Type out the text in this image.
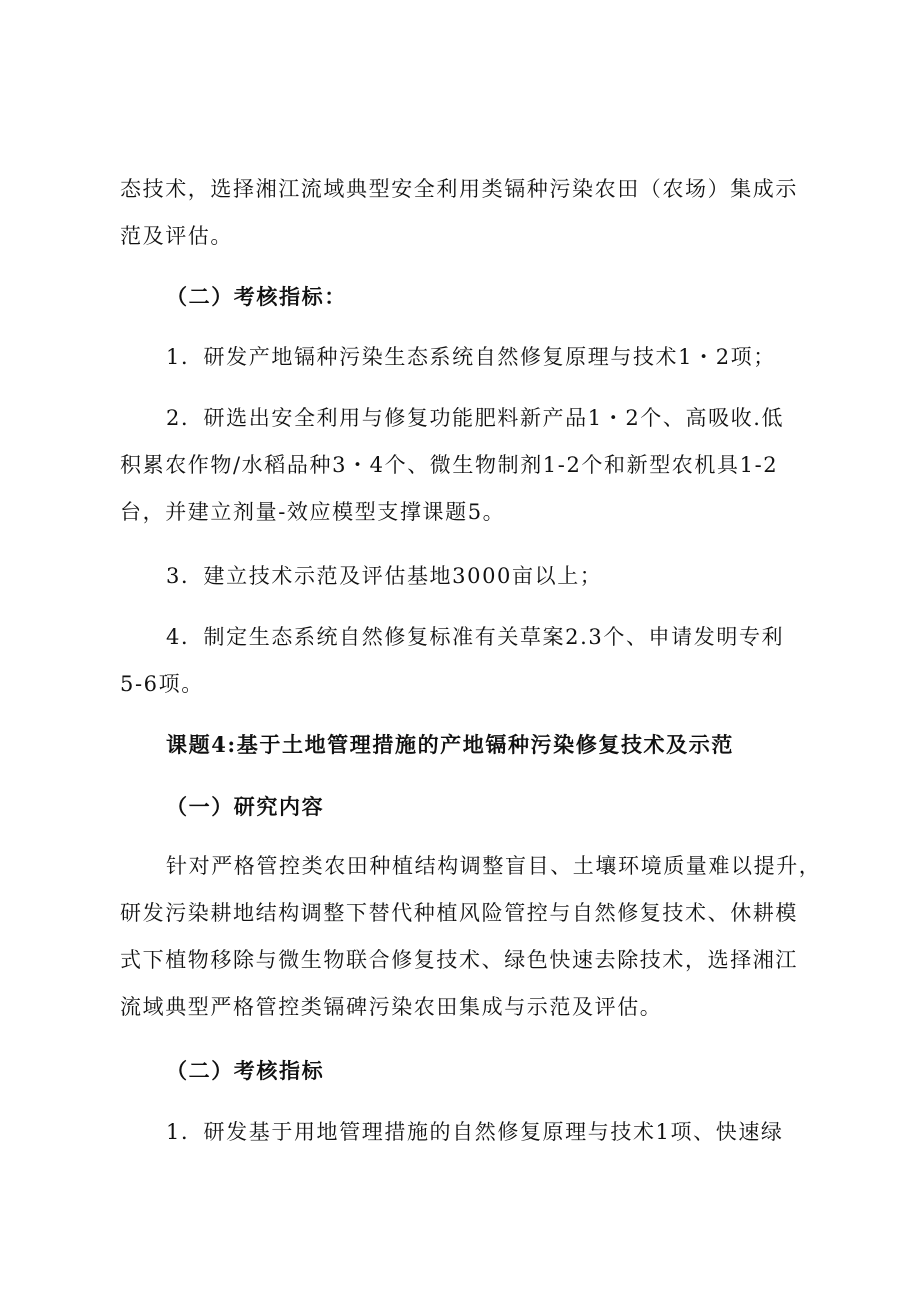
态技术，选择湘江流域典型安全利用类镉种污染农田（农场）集成示
范及评估。
（二）考核指标：
1．研发产地镉种污染生态系统自然修复原理与技术1・2项；
2．研选出安全利用与修复功能肥料新产品1・2个、高吸收.低
积累农作物/水稻品种3・4个、微生物制剂1-2个和新型农机具1-2
台，并建立剂量-效应模型支撑课题5。
3．建立技术示范及评估基地3000亩以上；
4．制定生态系统自然修复标准有关草案2.3个、申请发明专利
5-6项。
课题4:基于土地管理措施的产地镉种污染修复技术及示范
（一）研究内容
针对严格管控类农田种植结构调整盲目、土壤环境质量难以提升，
研发污染耕地结构调整下替代种植风险管控与自然修复技术、休耕模
式下植物移除与微生物联合修复技术、绿色快速去除技术，选择湘江
流域典型严格管控类镉碑污染农田集成与示范及评估。
（二）考核指标
1．研发基于用地管理措施的自然修复原理与技术1项、快速绿
